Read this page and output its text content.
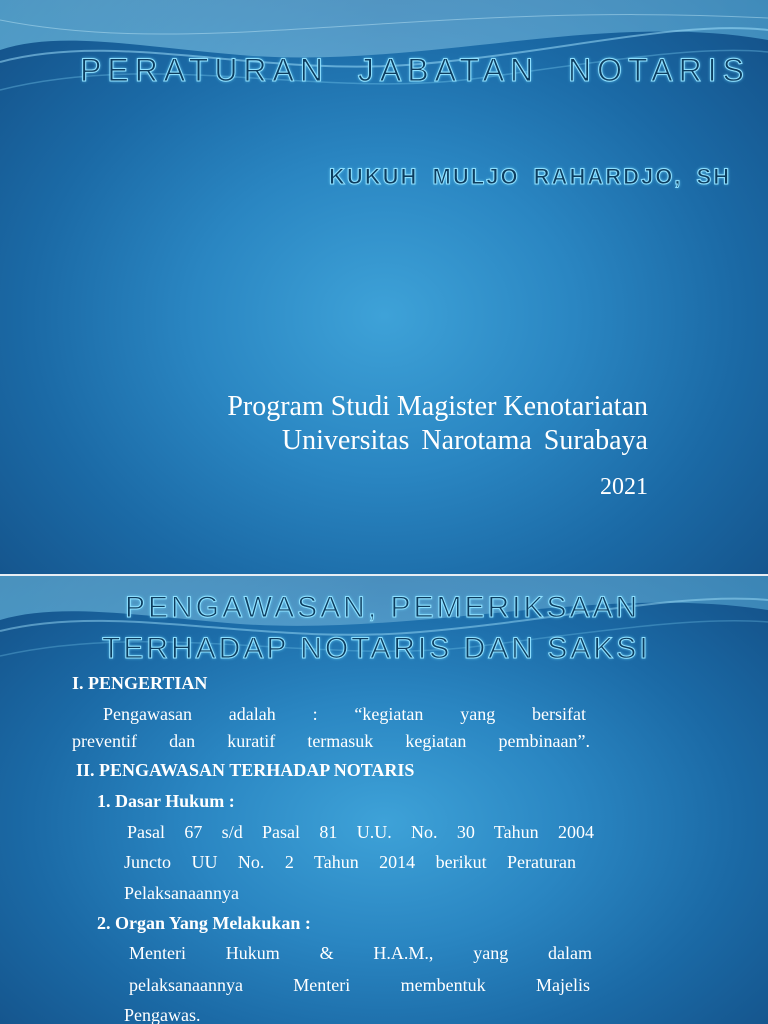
PERATURAN JABATAN NOTARIS
KUKUH MULJO RAHARDJO, SH
Program Studi Magister Kenotariatan
Universitas Narotama Surabaya
2021
PENGAWASAN, PEMERIKSAAN
TERHADAP NOTARIS DAN SAKSI
I. PENGERTIAN
Pengawasan adalah : “kegiatan yang bersifat
preventif dan kuratif termasuk kegiatan pembinaan”.
II. PENGAWASAN TERHADAP NOTARIS
1. Dasar Hukum :
Pasal 67 s/d Pasal 81 U.U. No. 30 Tahun 2004
Juncto UU No. 2 Tahun 2014 berikut Peraturan
Pelaksanaannya
2. Organ Yang Melakukan :
Menteri Hukum & H.A.M., yang dalam
pelaksanaannya Menteri membentuk Majelis
Pengawas.
